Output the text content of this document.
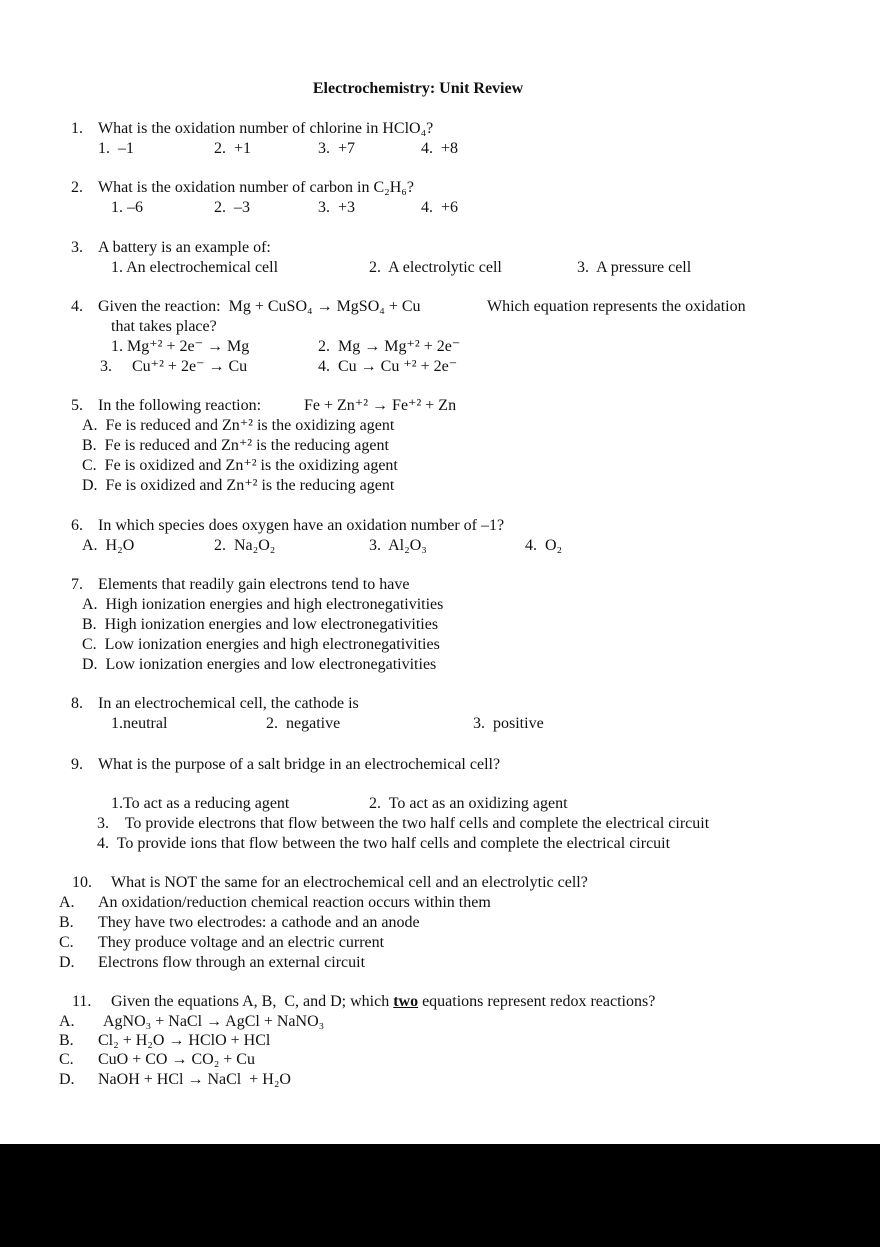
Electrochemistry: Unit Review
1. What is the oxidation number of chlorine in HClO₄?
1.  –1	2.  +1	3.  +7	4.  +8
2. What is the oxidation number of carbon in C₂H₆?
1. –6	2.  –3	3.  +3	4.  +6
3. A battery is an example of:
1. An electrochemical cell	2.  A electrolytic cell	3.  A pressure cell
4. Given the reaction:  Mg + CuSO₄ → MgSO₄ + Cu	Which equation represents the oxidation
that takes place?
1. Mg⁺² + 2e⁻ → Mg	2.  Mg → Mg⁺² + 2e⁻
3.     Cu⁺² + 2e⁻ → Cu	4.  Cu → Cu ⁺² + 2e⁻
5. In the following reaction:	Fe + Zn⁺² → Fe⁺² + Zn
A.  Fe is reduced and Zn⁺² is the oxidizing agent
B.  Fe is reduced and Zn⁺² is the reducing agent
C.  Fe is oxidized and Zn⁺² is the oxidizing agent
D.  Fe is oxidized and Zn⁺² is the reducing agent
6. In which species does oxygen have an oxidation number of –1?
A.  H₂O	2.  Na₂O₂	3.  Al₂O₃	4.  O₂
7. Elements that readily gain electrons tend to have
A.  High ionization energies and high electronegativities
B.  High ionization energies and low electronegativities
C.  Low ionization energies and high electronegativities
D.  Low ionization energies and low electronegativities
8. In an electrochemical cell, the cathode is
1.neutral	2.  negative	3.  positive
9. What is the purpose of a salt bridge in an electrochemical cell?
1.To act as a reducing agent	2.  To act as an oxidizing agent
3.    To provide electrons that flow between the two half cells and complete the electrical circuit
4.  To provide ions that flow between the two half cells and complete the electrical circuit
10. What is NOT the same for an electrochemical cell and an electrolytic cell?
A. An oxidation/reduction chemical reaction occurs within them
B. They have two electrodes: a cathode and an anode
C. They produce voltage and an electric current
D. Electrons flow through an external circuit
11. Given the equations A, B,  C, and D; which two equations represent redox reactions?
A. AgNO₃ + NaCl → AgCl + NaNO₃
B. Cl₂ + H₂O → HClO + HCl
C. CuO + CO → CO₂ + Cu
D. NaOH + HCl → NaCl  + H₂O
